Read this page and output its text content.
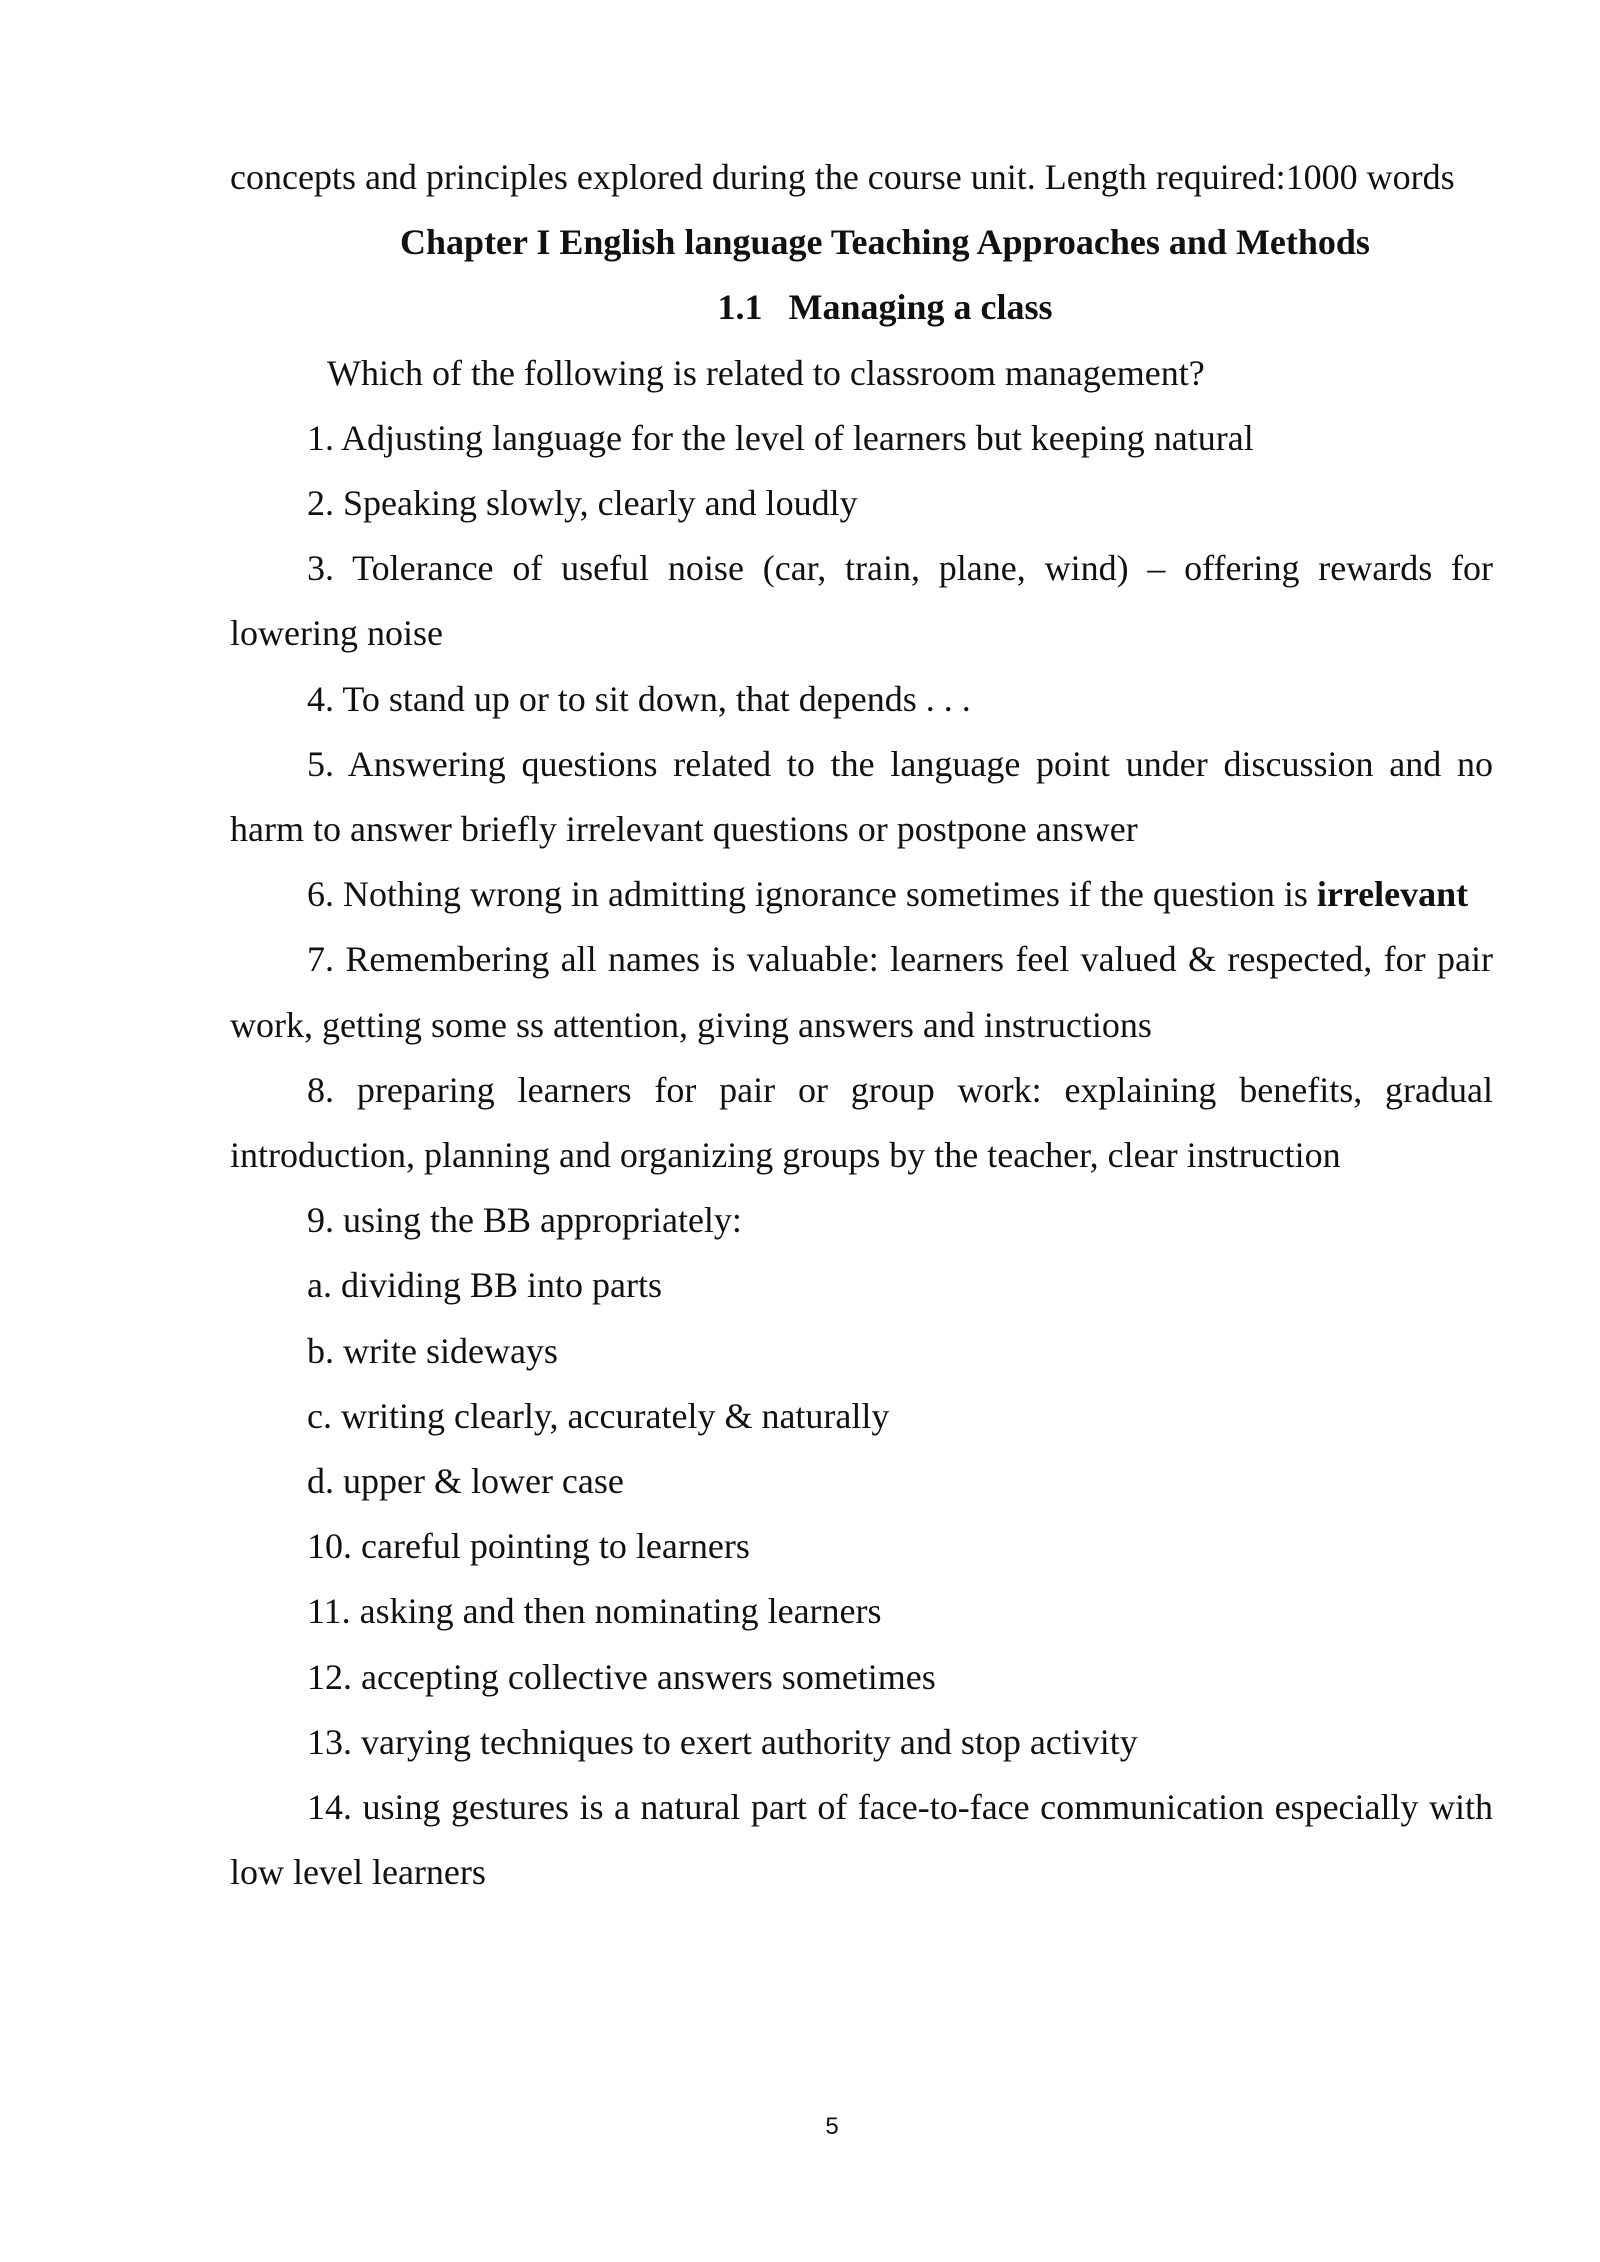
concepts and principles explored during the course unit. Length required:1000 words

Chapter I English language Teaching Approaches and Methods

1.1 Managing a class

Which of the following is related to classroom management?

1. Adjusting language for the level of learners but keeping natural

2. Speaking slowly, clearly and loudly

3. Tolerance of useful noise (car, train, plane, wind) – offering rewards for lowering noise

4. To stand up or to sit down, that depends . . .

5. Answering questions related to the language point under discussion and no harm to answer briefly irrelevant questions or postpone answer

6. Nothing wrong in admitting ignorance sometimes if the question is irrelevant

7. Remembering all names is valuable: learners feel valued & respected, for pair work, getting some ss attention, giving answers and instructions

8. preparing learners for pair or group work: explaining benefits, gradual introduction, planning and organizing groups by the teacher, clear instruction

9. using the BB appropriately:

a. dividing BB into parts

b. write sideways

c. writing clearly, accurately & naturally

d. upper & lower case

10. careful pointing to learners

11. asking and then nominating learners

12. accepting collective answers sometimes

13. varying techniques to exert authority and stop activity

14. using gestures is a natural part of face-to-face communication especially with low level learners

5
